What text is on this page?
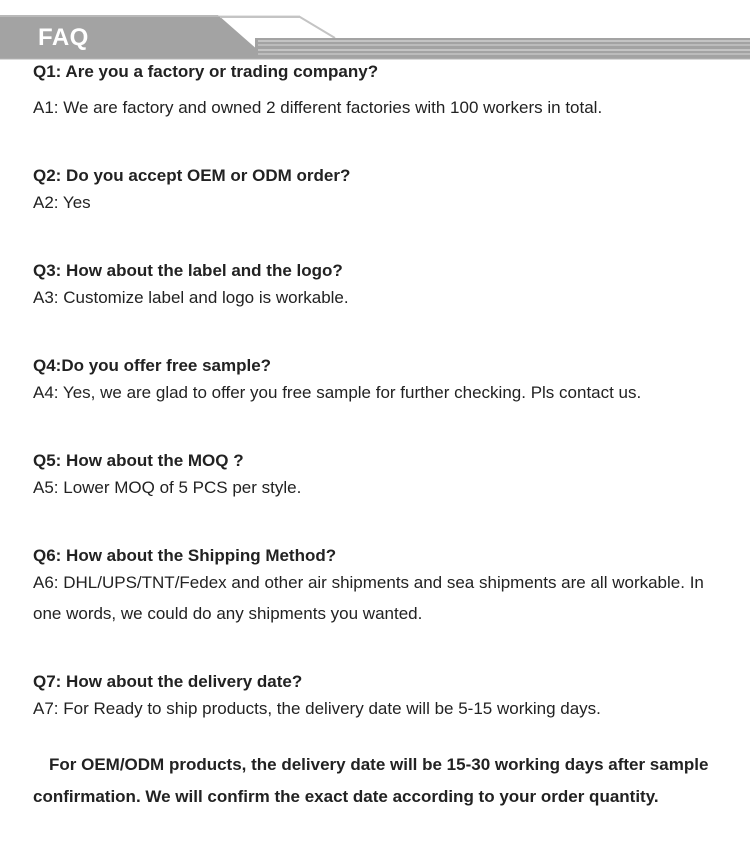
FAQ

Q1: Are you a factory or trading company?

A1: We are factory and owned 2 different factories with 100 workers in total.

Q2: Do you accept OEM or ODM order?

A2: Yes

Q3: How about the label and the logo?

A3: Customize label and logo is workable.

Q4:Do you offer free sample?

A4: Yes, we are glad to offer you free sample for further checking. Pls contact us.

Q5: How about the MOQ ?

A5: Lower MOQ of 5 PCS per style.

Q6: How about the Shipping Method?

A6: DHL/UPS/TNT/Fedex and other air shipments and sea shipments are all workable. In one words, we could do any shipments you wanted.

Q7: How about the delivery date?

A7: For Ready to ship products, the delivery date will be 5-15 working days.

For OEM/ODM products, the delivery date will be 15-30 working days after sample confirmation. We will confirm the exact date according to your order quantity.
